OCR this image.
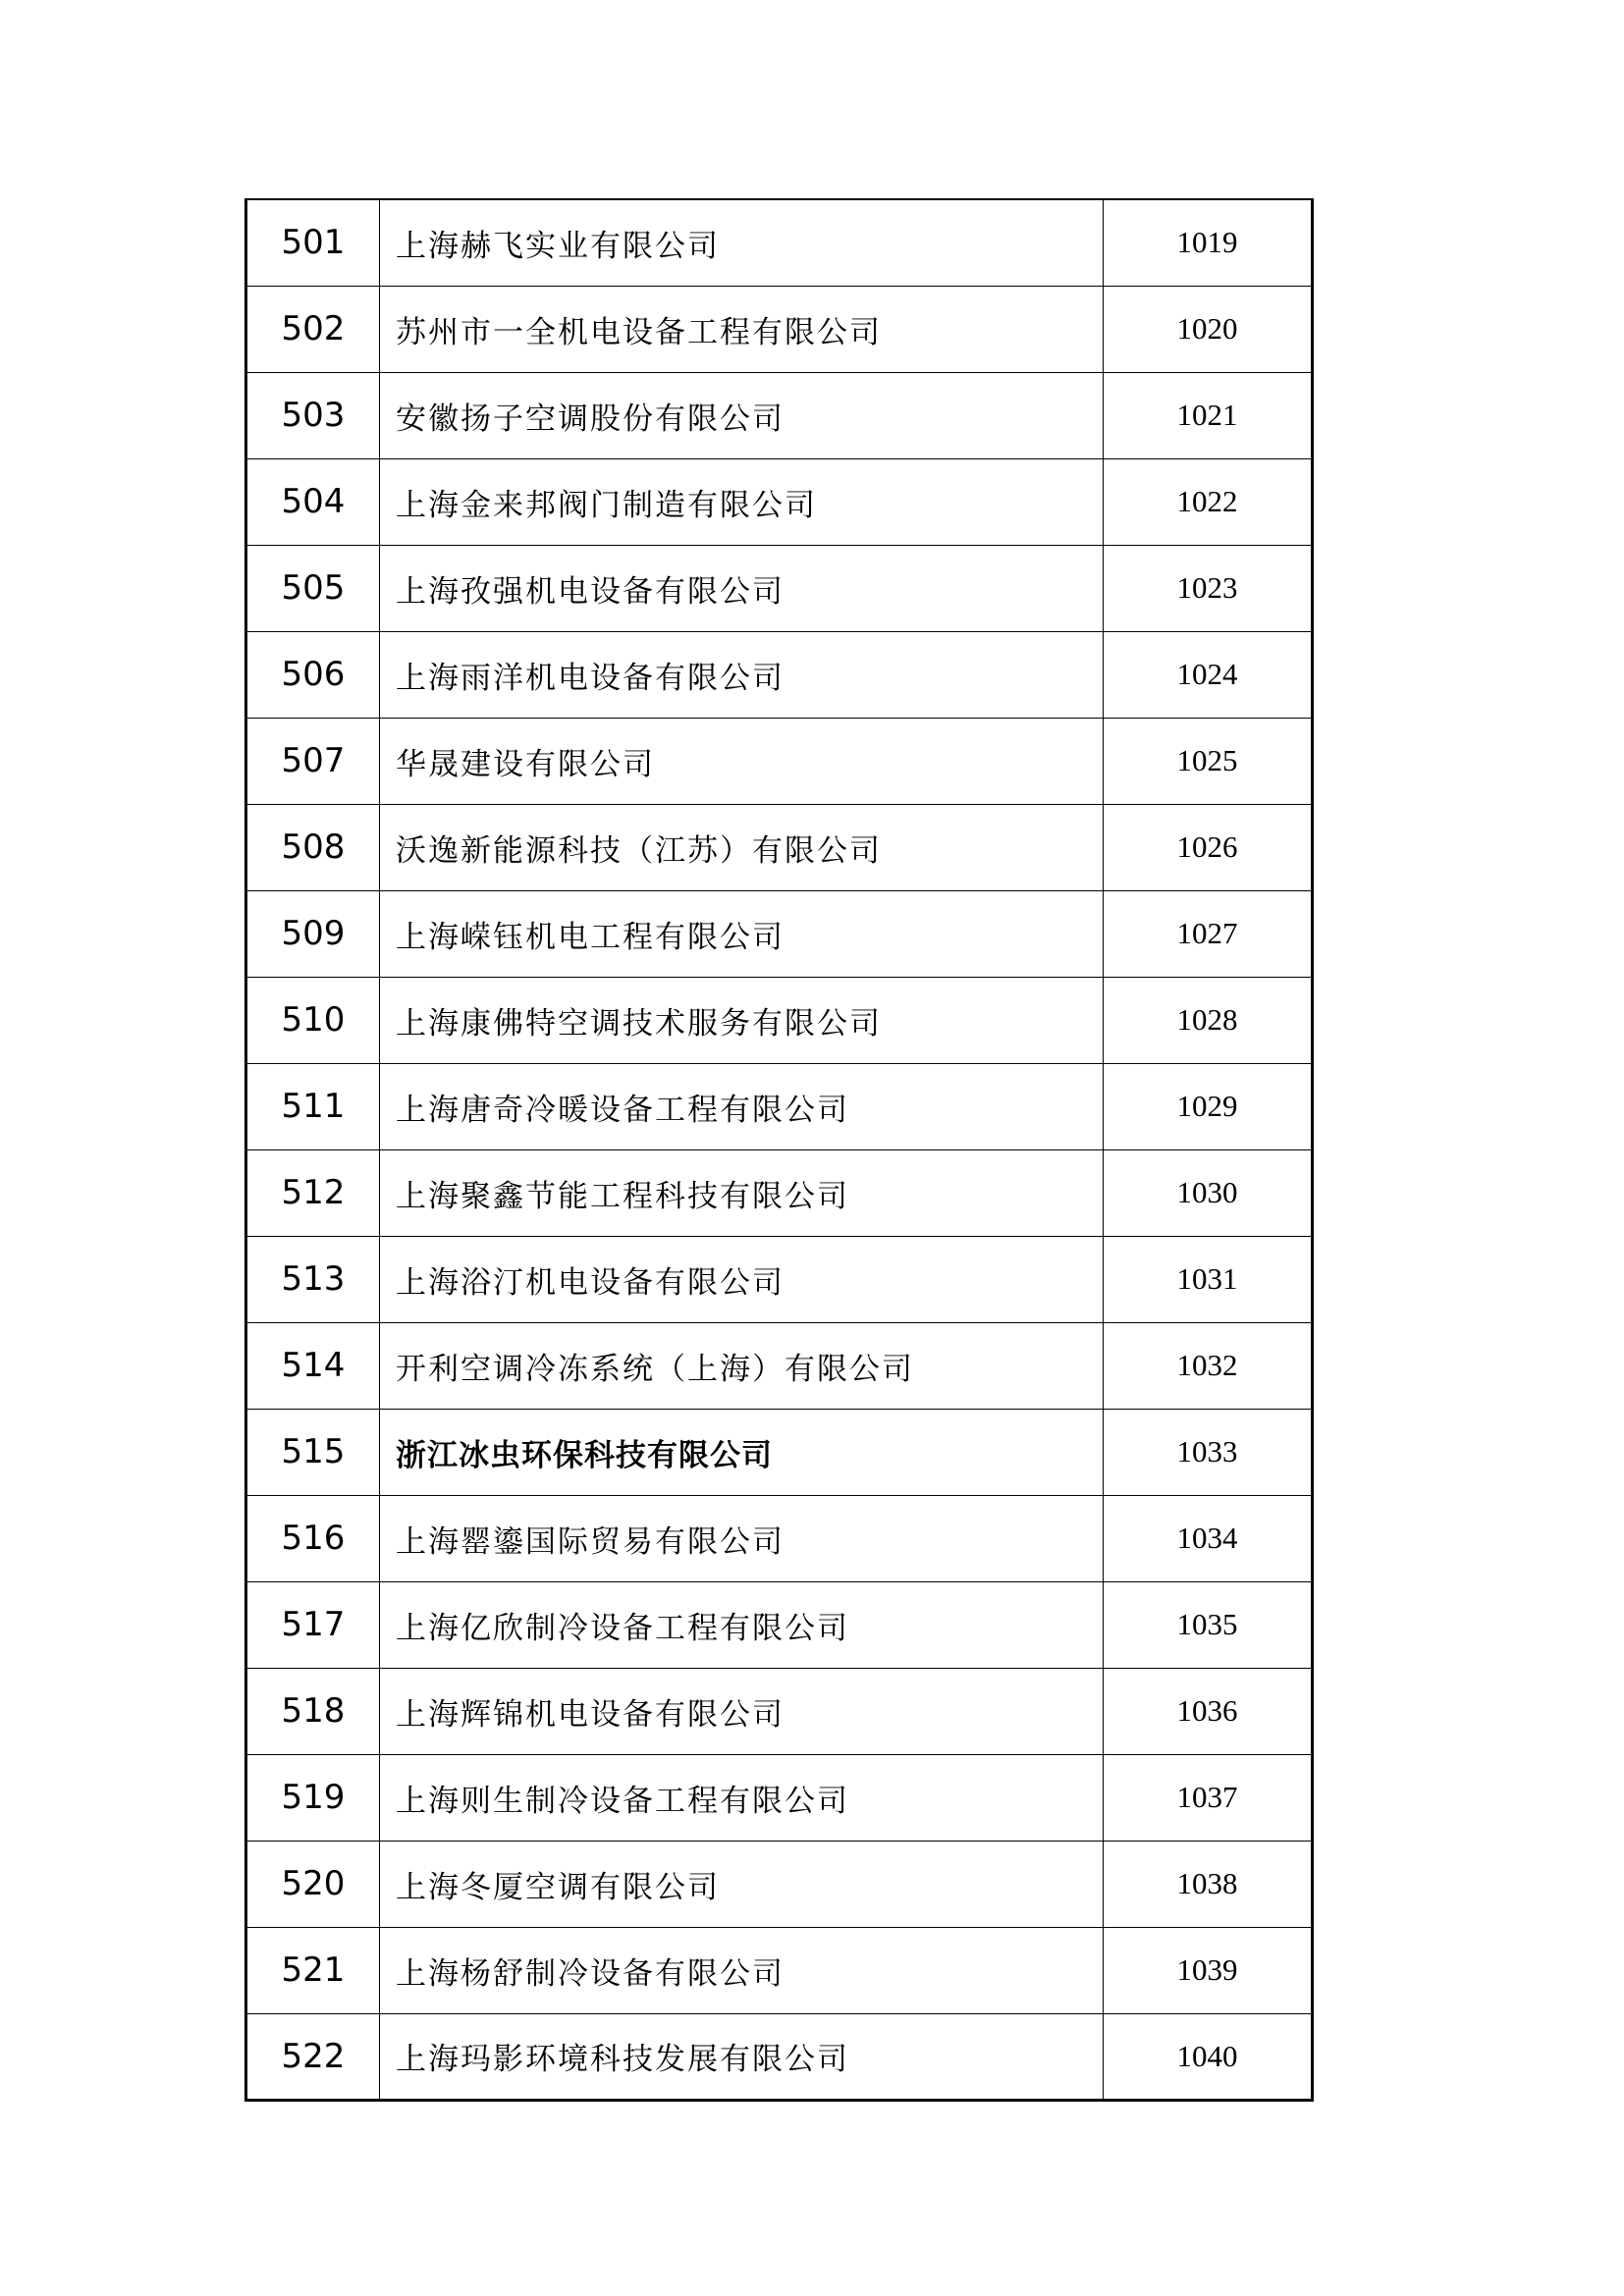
501	上海赫飞实业有限公司	1019
502	苏州市一全机电设备工程有限公司	1020
503	安徽扬子空调股份有限公司	1021
504	上海金来邦阀门制造有限公司	1022
505	上海孜强机电设备有限公司	1023
506	上海雨洋机电设备有限公司	1024
507	华晟建设有限公司	1025
508	沃逸新能源科技（江苏）有限公司	1026
509	上海嵘钰机电工程有限公司	1027
510	上海康佛特空调技术服务有限公司	1028
511	上海唐奇冷暖设备工程有限公司	1029
512	上海聚鑫节能工程科技有限公司	1030
513	上海浴汀机电设备有限公司	1031
514	开利空调冷冻系统（上海）有限公司	1032
515	浙江冰虫环保科技有限公司	1033
516	上海罂鎏国际贸易有限公司	1034
517	上海亿欣制冷设备工程有限公司	1035
518	上海辉锦机电设备有限公司	1036
519	上海则生制冷设备工程有限公司	1037
520	上海冬厦空调有限公司	1038
521	上海杨舒制冷设备有限公司	1039
522	上海玛影环境科技发展有限公司	1040
